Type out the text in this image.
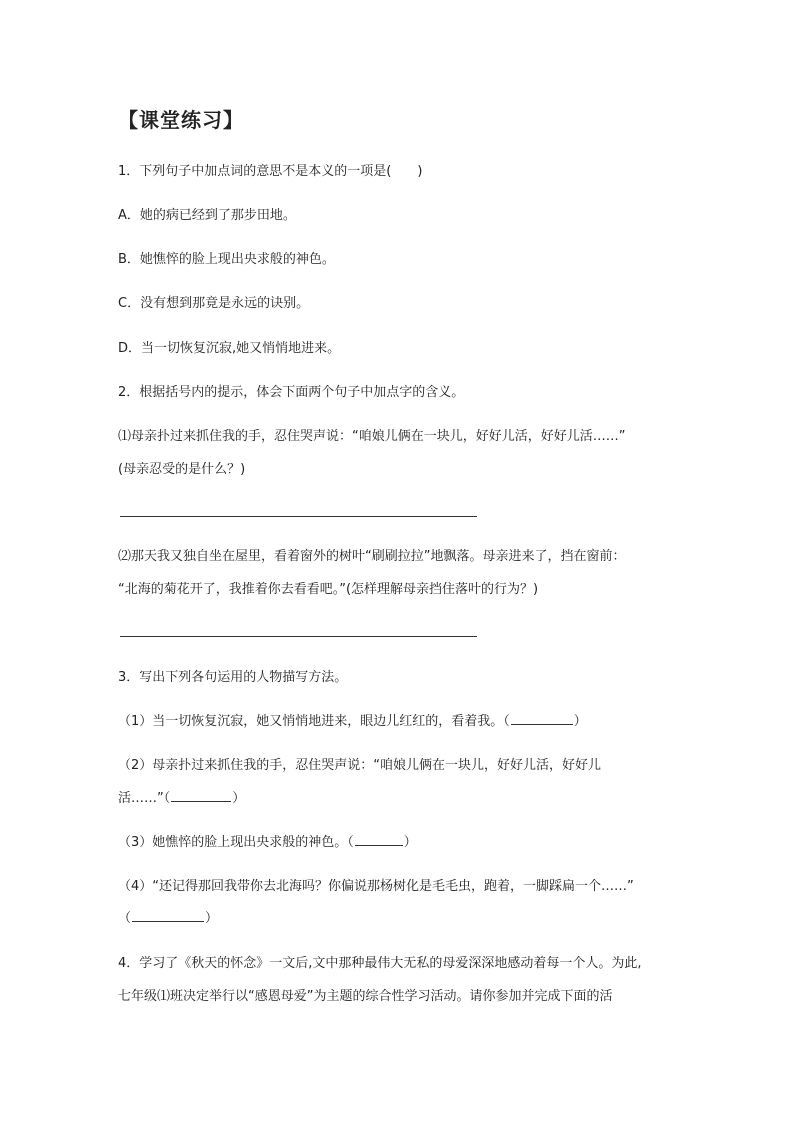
【课堂练习】
1．下列句子中加点词的意思不是本义的一项是(　　)
A．她的病已经到了那步田地。
B．她憔悴的脸上现出央求般的神色。
C．没有想到那竟是永远的诀别。
D．当一切恢复沉寂,她又悄悄地进来。
2．根据括号内的提示，体会下面两个句子中加点字的含义。
⑴母亲扑过来抓住我的手，忍住哭声说：“咱娘儿俩在一块儿，好好儿活，好好儿活……”
(母亲忍受的是什么？)
⑵那天我又独自坐在屋里，看着窗外的树叶“刷刷拉拉”地飘落。母亲进来了，挡在窗前：
“北海的菊花开了，我推着你去看看吧。”(怎样理解母亲挡住落叶的行为？)
3．写出下列各句运用的人物描写方法。
（1）当一切恢复沉寂，她又悄悄地进来，眼边儿红红的，看着我。（	）
（2）母亲扑过来抓住我的手，忍住哭声说：“咱娘儿俩在一块儿，好好儿活，好好儿
活……”（	）
（3）她憔悴的脸上现出央求般的神色。（	）
（4）“还记得那回我带你去北海吗？你偏说那杨树化是毛毛虫，跑着，一脚踩扁一个……”
（	）
4．学习了《秋天的怀念》一文后,文中那种最伟大无私的母爱深深地感动着每一个人。为此,
七年级⑴班决定举行以“感恩母爱”为主题的综合性学习活动。请你参加并完成下面的活
